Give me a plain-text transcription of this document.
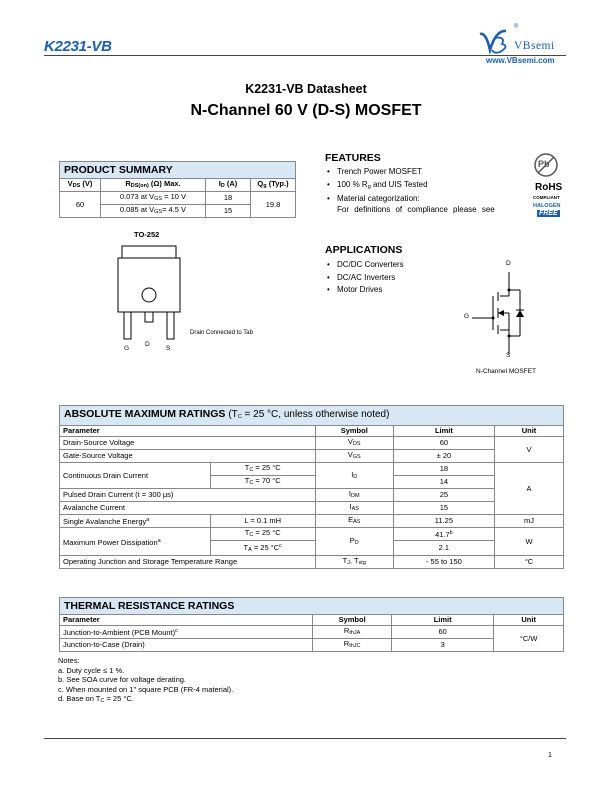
K2231-VB	VBsemi
®
www.VBsemi.com
K2231-VB Datasheet
N-Channel 60 V (D-S) MOSFET
PRODUCT SUMMARY			
$V_{DS}$ (V)	$R_{DS(on)}$ (Ω) Max.	$I_D$ (A)	$Q_g$ (Typ.)
60	0.073 at $V_{GS} = 10$ V	18	19.8
	0.085 at $V_{GS}= 4.5$ V	15	
FEATURES
• Trench Power MOSFET
• 100 % $R_g$ and UIS Tested
• Material categorization:
For definitions of compliance please see
Pb
RoHS
COMPLIANT
HALOGEN
FREE
TO-252
Drain Connected to Tab
G
D
S
APPLICATIONS
• DC/DC Converters
• DC/AC Inverters
• Motor Drives
D
G
S
N-Channel MOSFET
ABSOLUTE MAXIMUM RATINGS ($T_C = 25$ °C, unless otherwise noted)				
Parameter		Symbol	Limit	Unit
Drain-Source Voltage		$V_{DS}$	60	V
Gate-Source Voltage		$V_{GS}$	± 20	
Continuous Drain Current	$T_C = 25$ °C	$I_D$	18	A
	$T_C = 70$ °C		14	
Pulsed Drain Current (t = 300 μs)		$I_{DM}$	25	
Avalanche Current		$I_{AS}$	15	
Single Avalanche Energy$^a$	L = 0.1 mH	$E_{AS}$	11.25	mJ
Maximum Power Dissipation$^a$	$T_C = 25$ °C	$P_D$	41.7$^b$	W
	$T_A = 25$ $^\circ C^c$		2.1	
Operating Junction and Storage Temperature Range		$T_J$, $T_{stg}$	- 55 to 150	°C
THERMAL RESISTANCE RATINGS			
Parameter	Symbol	Limit	Unit
Junction-to-Ambient (PCB Mount)$^c$	$R_{thJA}$	60	°C/W
Junction-to-Case (Drain)	$R_{thJC}$	3	
Notes:
a. Duty cycle ≤ 1 %.
b. See SOA curve for voltage derating.
c. When mounted on 1" square PCB (FR-4 material).
d. Base on $T_C = 25$ °C.
1
